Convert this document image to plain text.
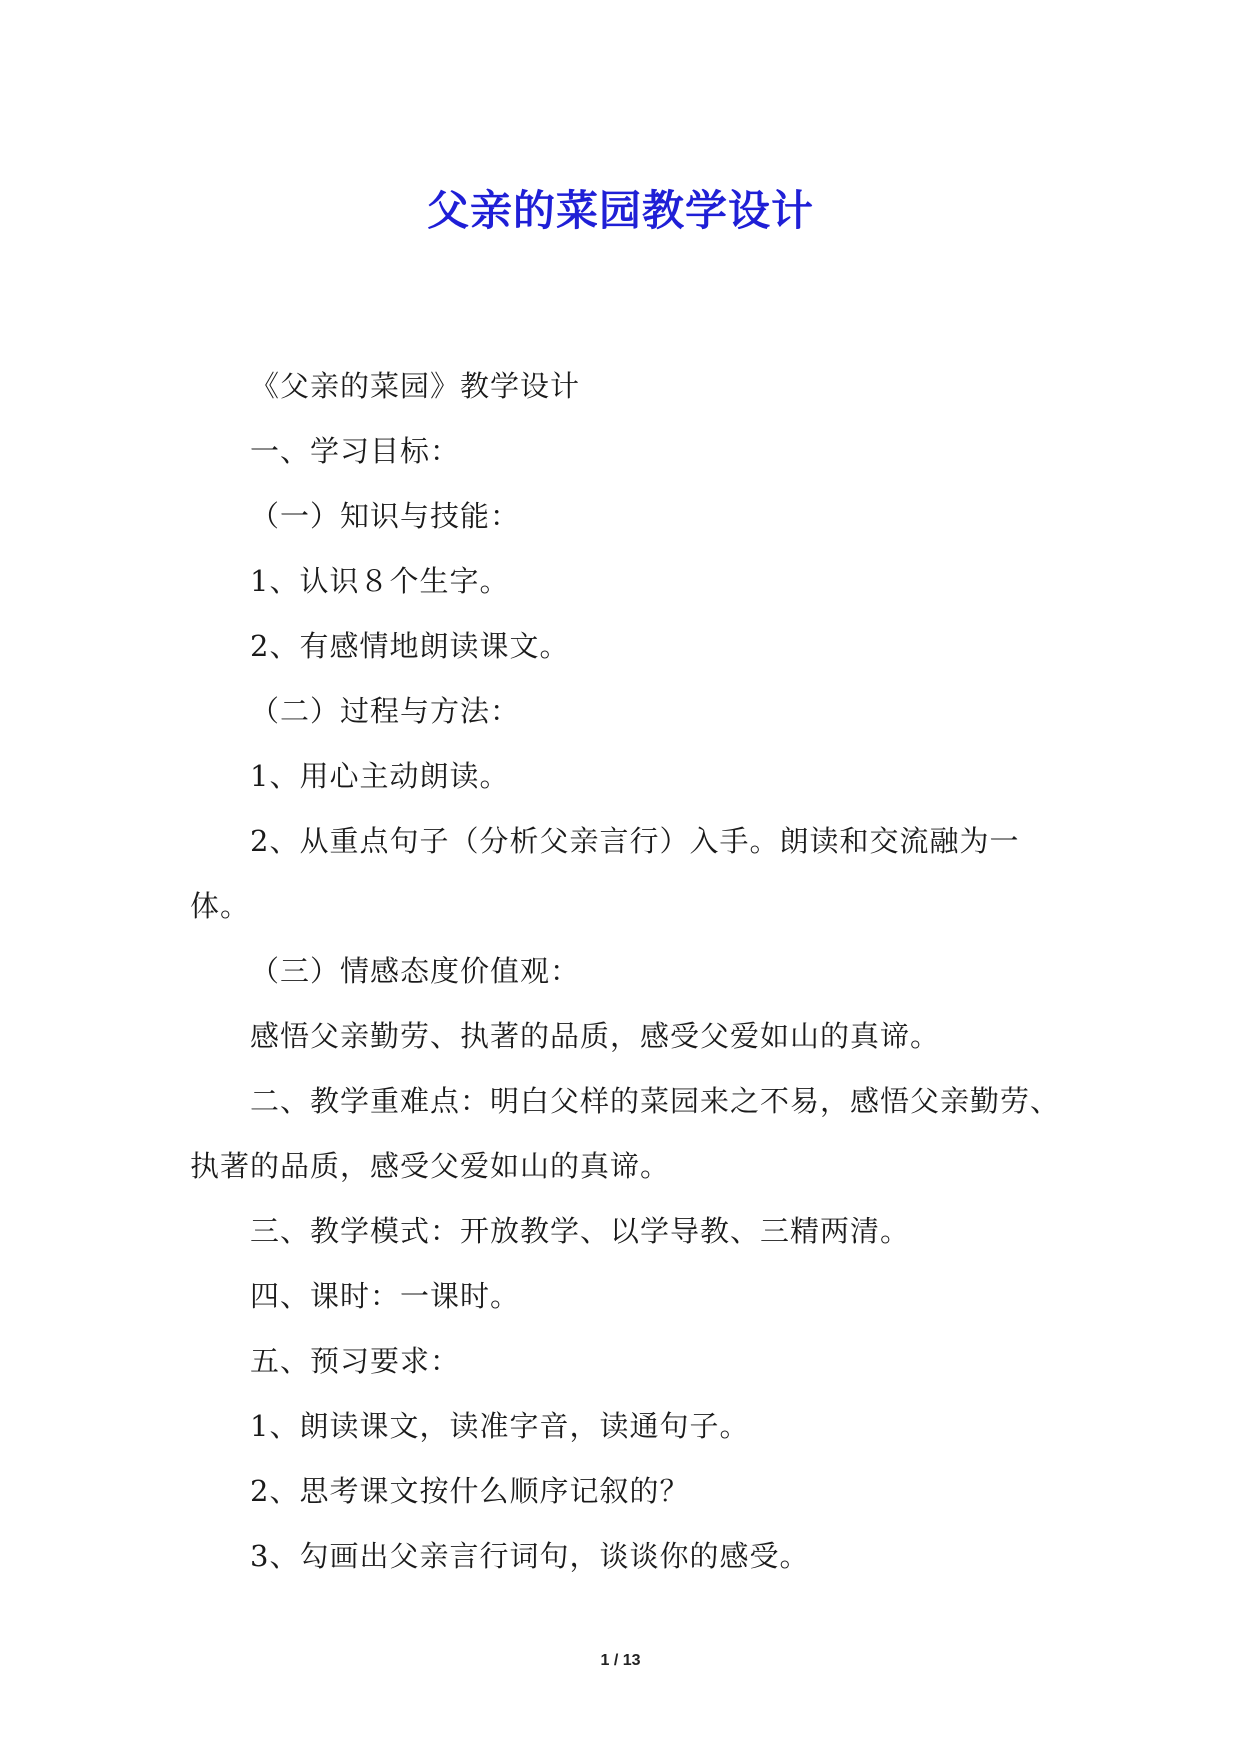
父亲的菜园教学设计

《父亲的菜园》教学设计

一、学习目标：

（一）知识与技能：

1、认识８个生字。

2、有感情地朗读课文。

（二）过程与方法：

1、用心主动朗读。

2、从重点句子（分析父亲言行）入手。朗读和交流融为一体。

（三）情感态度价值观：

感悟父亲勤劳、执著的品质，感受父爱如山的真谛。

二、教学重难点：明白父样的菜园来之不易，感悟父亲勤劳、执著的品质，感受父爱如山的真谛。

三、教学模式：开放教学、以学导教、三精两清。

四、课时：一课时。

五、预习要求：

1、朗读课文，读准字音，读通句子。

2、思考课文按什么顺序记叙的？

3、勾画出父亲言行词句，谈谈你的感受。

1 / 13
